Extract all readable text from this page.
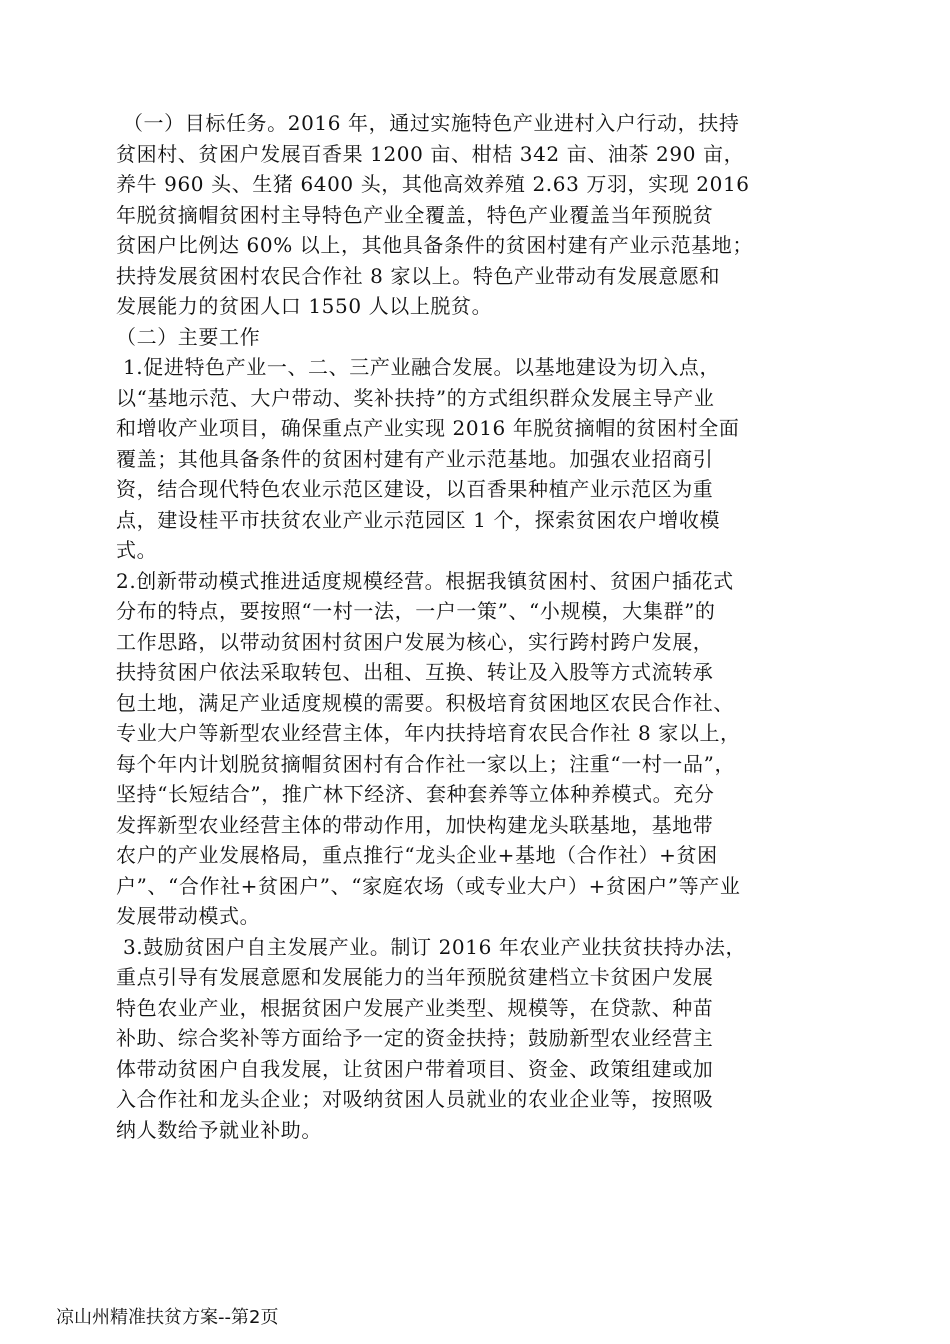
（一）目标任务。2016 年，通过实施特色产业进村入户行动，扶持
贫困村、贫困户发展百香果 1200 亩、柑桔 342 亩、油茶 290 亩，
养牛 960 头、生猪 6400 头，其他高效养殖 2.63 万羽，实现 2016
年脱贫摘帽贫困村主导特色产业全覆盖，特色产业覆盖当年预脱贫
贫困户比例达 60% 以上，其他具备条件的贫困村建有产业示范基地；
扶持发展贫困村农民合作社 8 家以上。特色产业带动有发展意愿和
发展能力的贫困人口 1550 人以上脱贫。
（二）主要工作
1.促进特色产业一、二、三产业融合发展。以基地建设为切入点，
以“基地示范、大户带动、奖补扶持”的方式组织群众发展主导产业
和增收产业项目，确保重点产业实现 2016 年脱贫摘帽的贫困村全面
覆盖；其他具备条件的贫困村建有产业示范基地。加强农业招商引
资，结合现代特色农业示范区建设，以百香果种植产业示范区为重
点，建设桂平市扶贫农业产业示范园区 1 个，探索贫困农户增收模
式。
2.创新带动模式推进适度规模经营。根据我镇贫困村、贫困户插花式
分布的特点，要按照“一村一法，一户一策”、“小规模，大集群”的
工作思路，以带动贫困村贫困户发展为核心，实行跨村跨户发展，
扶持贫困户依法采取转包、出租、互换、转让及入股等方式流转承
包土地，满足产业适度规模的需要。积极培育贫困地区农民合作社、
专业大户等新型农业经营主体，年内扶持培育农民合作社 8 家以上，
每个年内计划脱贫摘帽贫困村有合作社一家以上；注重“一村一品”，
坚持“长短结合”，推广林下经济、套种套养等立体种养模式。充分
发挥新型农业经营主体的带动作用，加快构建龙头联基地，基地带
农户的产业发展格局，重点推行“龙头企业+基地（合作社）+贫困
户”、“合作社+贫困户”、“家庭农场（或专业大户）+贫困户”等产业
发展带动模式。
3.鼓励贫困户自主发展产业。制订 2016 年农业产业扶贫扶持办法，
重点引导有发展意愿和发展能力的当年预脱贫建档立卡贫困户发展
特色农业产业，根据贫困户发展产业类型、规模等，在贷款、种苗
补助、综合奖补等方面给予一定的资金扶持；鼓励新型农业经营主
体带动贫困户自我发展，让贫困户带着项目、资金、政策组建或加
入合作社和龙头企业；对吸纳贫困人员就业的农业企业等，按照吸
纳人数给予就业补助。
凉山州精准扶贫方案--第2页
